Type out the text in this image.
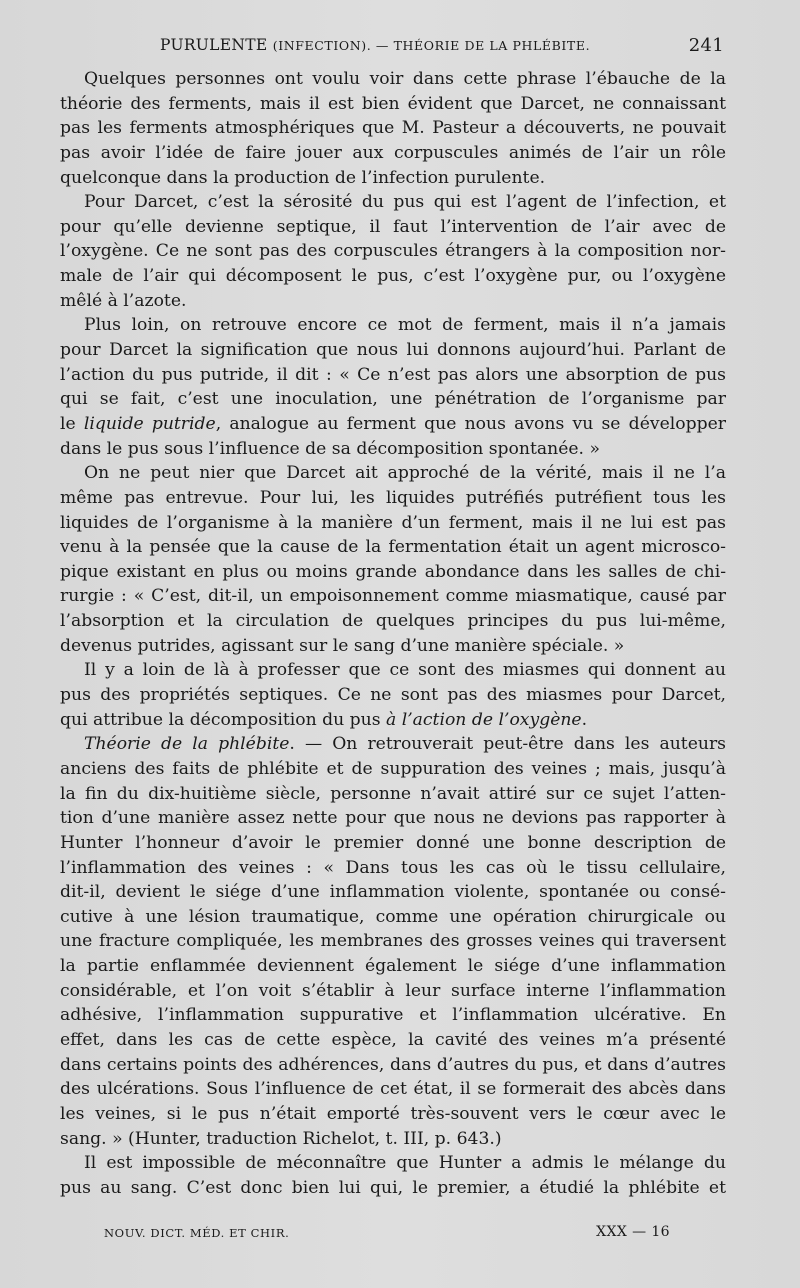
PURULENTE (INFECTION). — THÉORIE DE LA PHLÉBITE.	241
Quelques personnes ont voulu voir dans cette phrase l’ébauche de la
théorie des ferments, mais il est bien évident que Darcet, ne connaissant
pas les ferments atmosphériques que M. Pasteur a découverts, ne pouvait
pas avoir l’idée de faire jouer aux corpuscules animés de l’air un rôle
quelconque dans la production de l’infection purulente.
Pour Darcet, c’est la sérosité du pus qui est l’agent de l’infection, et
pour qu’elle devienne septique, il faut l’intervention de l’air avec de
l’oxygène. Ce ne sont pas des corpuscules étrangers à la composition nor-
male de l’air qui décomposent le pus, c’est l’oxygène pur, ou l’oxygène
mêlé à l’azote.
Plus loin, on retrouve encore ce mot de ferment, mais il n’a jamais
pour Darcet la signification que nous lui donnons aujourd’hui. Parlant de
l’action du pus putride, il dit : « Ce n’est pas alors une absorption de pus
qui se fait, c’est une inoculation, une pénétration de l’organisme par
le liquide putride, analogue au ferment que nous avons vu se développer
dans le pus sous l’influence de sa décomposition spontanée. »
On ne peut nier que Darcet ait approché de la vérité, mais il ne l’a
même pas entrevue. Pour lui, les liquides putréfiés putréfient tous les
liquides de l’organisme à la manière d’un ferment, mais il ne lui est pas
venu à la pensée que la cause de la fermentation était un agent microsco-
pique existant en plus ou moins grande abondance dans les salles de chi-
rurgie : « C’est, dit-il, un empoisonnement comme miasmatique, causé par
l’absorption et la circulation de quelques principes du pus lui-même,
devenus putrides, agissant sur le sang d’une manière spéciale. »
Il y a loin de là à professer que ce sont des miasmes qui donnent au
pus des propriétés septiques. Ce ne sont pas des miasmes pour Darcet,
qui attribue la décomposition du pus à l’action de l’oxygène.
Théorie de la phlébite. — On retrouverait peut-être dans les auteurs
anciens des faits de phlébite et de suppuration des veines ; mais, jusqu’à
la fin du dix-huitième siècle, personne n’avait attiré sur ce sujet l’atten-
tion d’une manière assez nette pour que nous ne devions pas rapporter à
Hunter l’honneur d’avoir le premier donné une bonne description de
l’inflammation des veines : « Dans tous les cas où le tissu cellulaire,
dit-il, devient le siége d’une inflammation violente, spontanée ou consé-
cutive à une lésion traumatique, comme une opération chirurgicale ou
une fracture compliquée, les membranes des grosses veines qui traversent
la partie enflammée deviennent également le siége d’une inflammation
considérable, et l’on voit s’établir à leur surface interne l’inflammation
adhésive, l’inflammation suppurative et l’inflammation ulcérative. En
effet, dans les cas de cette espèce, la cavité des veines m’a présenté
dans certains points des adhérences, dans d’autres du pus, et dans d’autres
des ulcérations. Sous l’influence de cet état, il se formerait des abcès dans
les veines, si le pus n’était emporté très-souvent vers le cœur avec le
sang. » (Hunter, traduction Richelot, t. III, p. 643.)
Il est impossible de méconnaître que Hunter a admis le mélange du
pus au sang. C’est donc bien lui qui, le premier, a étudié la phlébite et
NOUV. DICT. MÉD. ET CHIR.	XXX — 16
